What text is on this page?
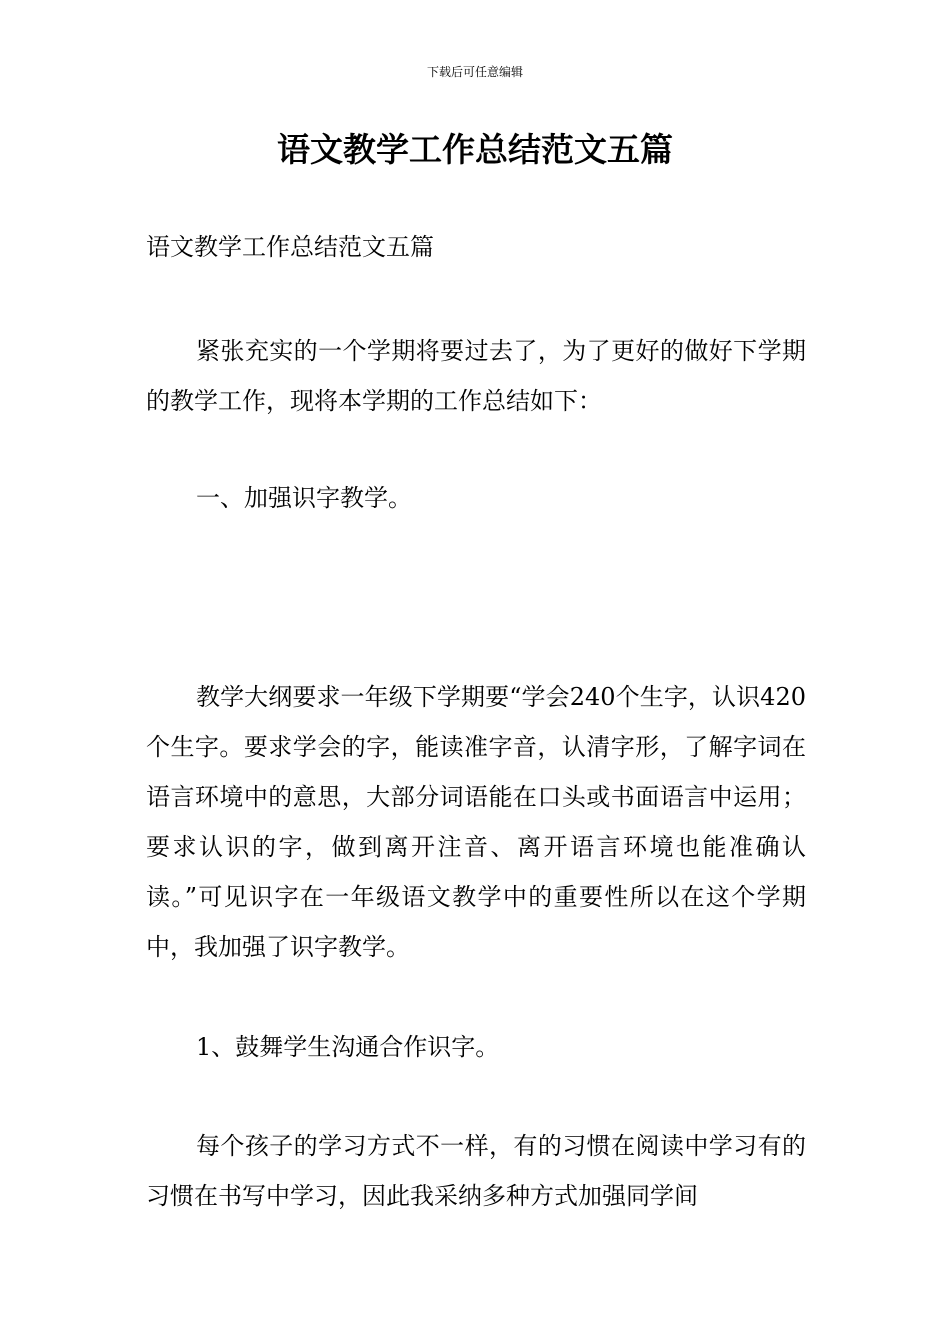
下载后可任意编辑
语文教学工作总结范文五篇
语文教学工作总结范文五篇

紧张充实的一个学期将要过去了，为了更好的做好下学期的教学工作，现将本学期的工作总结如下：

一、加强识字教学。

教学大纲要求一年级下学期要“学会240个生字，认识420个生字。要求学会的字，能读准字音，认清字形，了解字词在语言环境中的意思，大部分词语能在口头或书面语言中运用；要求认识的字，做到离开注音、离开语言环境也能准确认读。”可见识字在一年级语文教学中的重要性所以在这个学期中，我加强了识字教学。

1、鼓舞学生沟通合作识字。

每个孩子的学习方式不一样，有的习惯在阅读中学习有的习惯在书写中学习，因此我采纳多种方式加强同学间
